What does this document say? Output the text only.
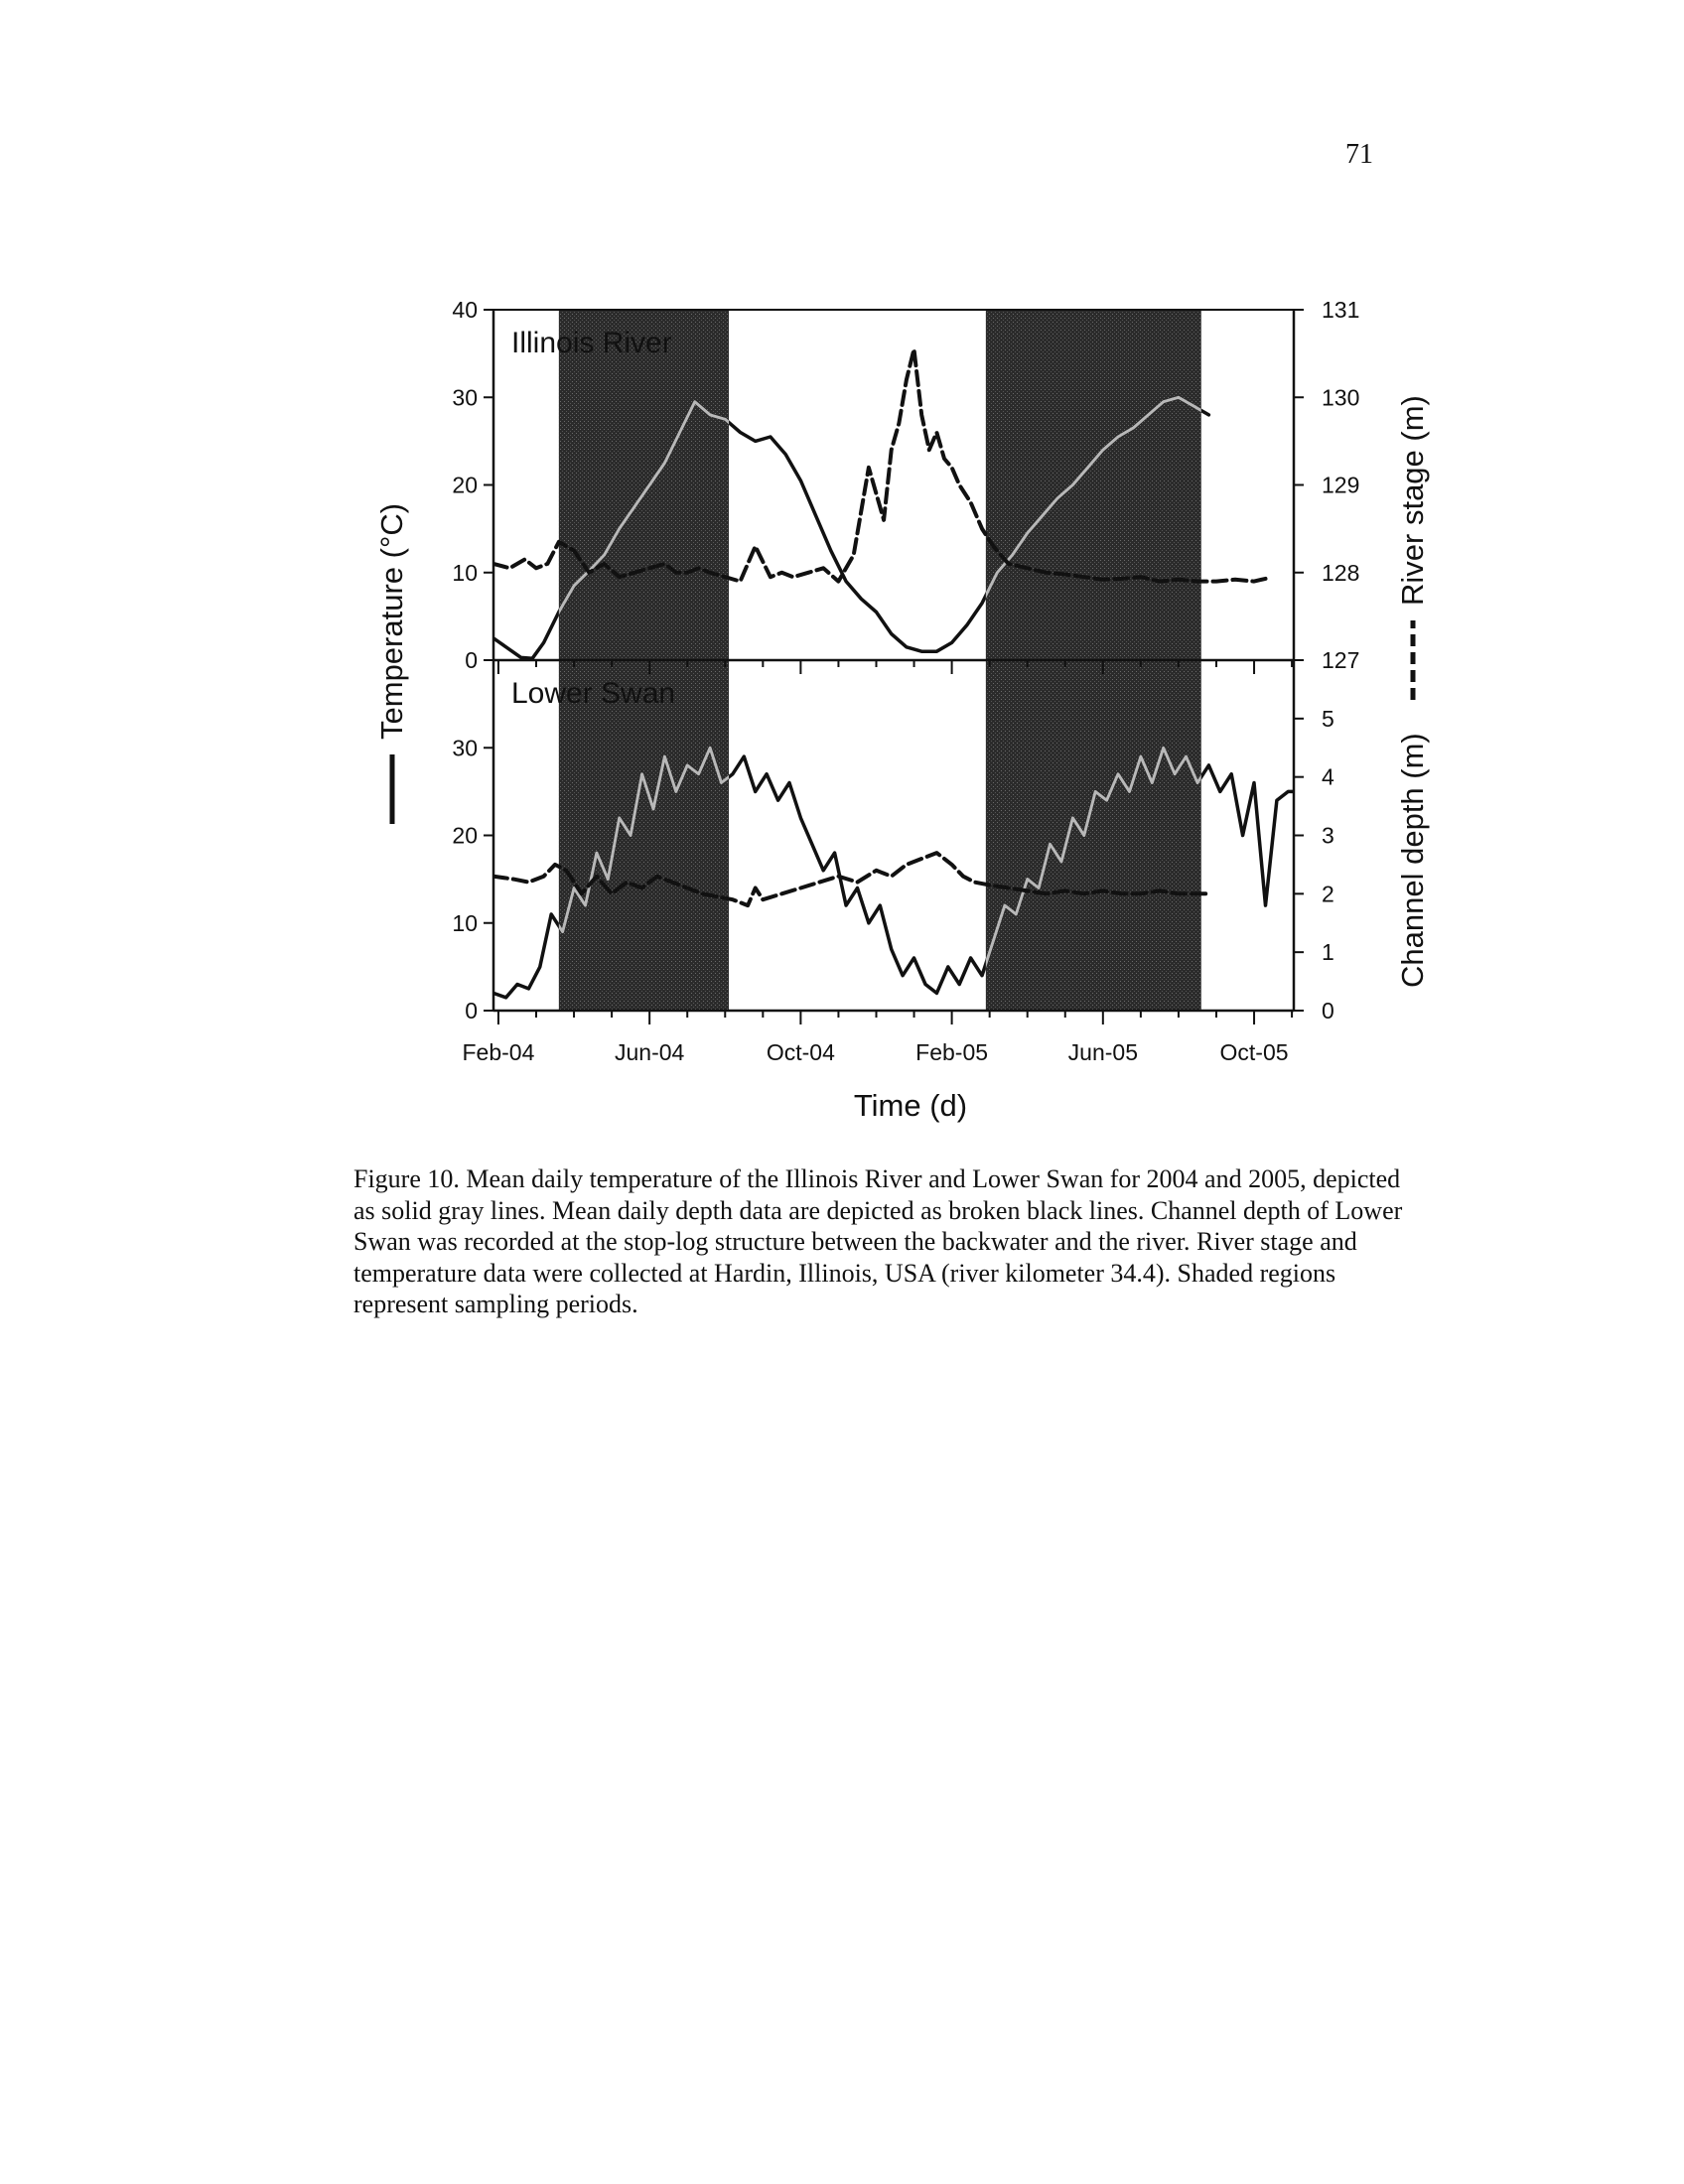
71
Illinois River
Lower Swan
Time (d)
Temperature (°C)
Channel depth (m)
River stage (m)
0
10
20
30
40
127
128
129
130
131
0
10
20
30
0
1
2
3
4
5
Feb-04	Jun-04	Oct-04	Feb-05	Jun-05	Oct-05

Figure 10. Mean daily temperature of the Illinois River and Lower Swan for 2004 and 2005, depicted as solid gray lines. Mean daily depth data are depicted as broken black lines. Channel depth of Lower Swan was recorded at the stop-log structure between the backwater and the river. River stage and temperature data were collected at Hardin, Illinois, USA (river kilometer 34.4). Shaded regions represent sampling periods.
